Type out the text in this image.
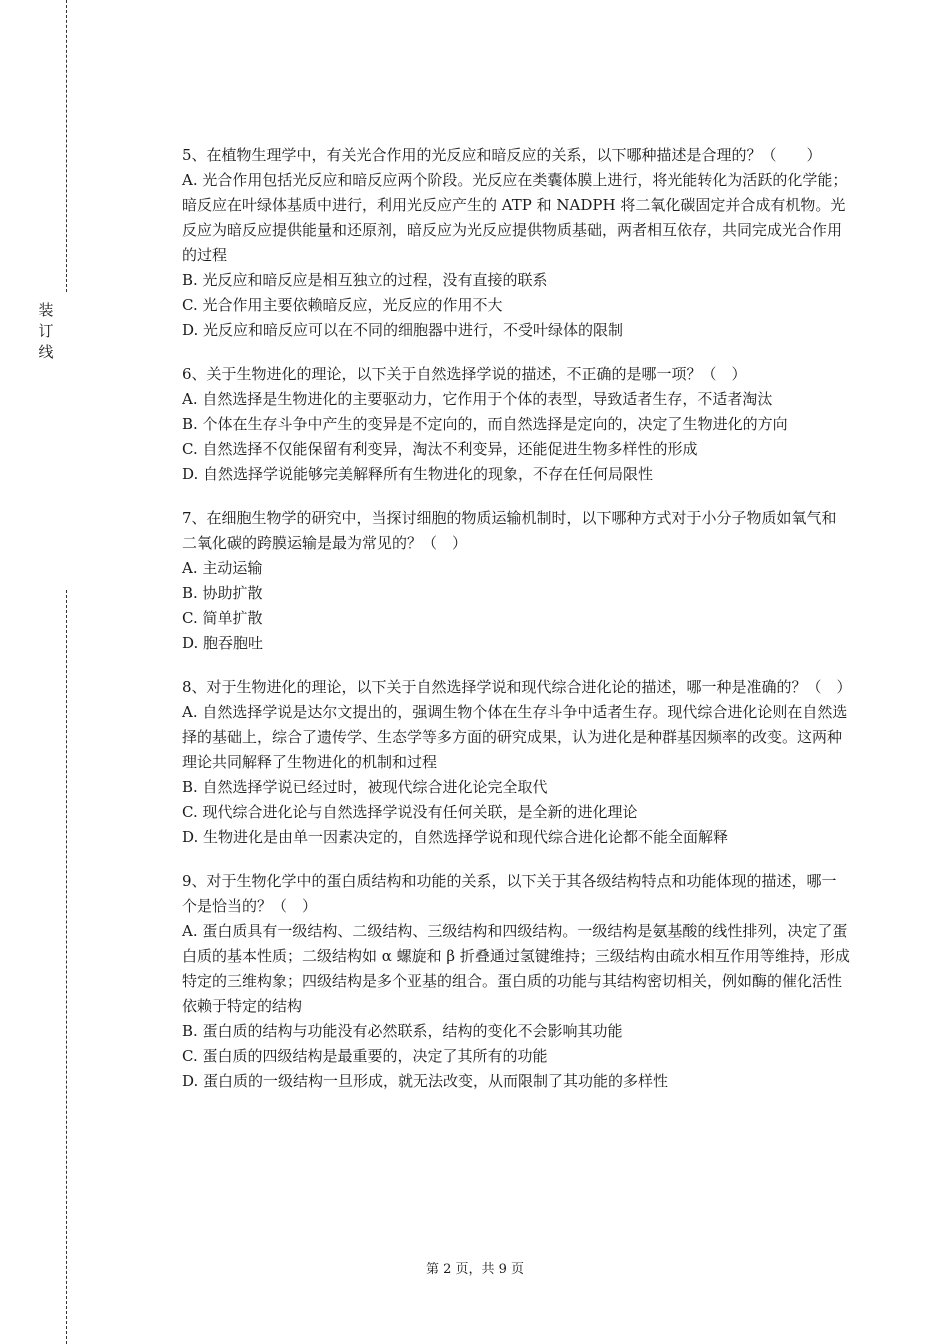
装
订
线

5、在植物生理学中，有关光合作用的光反应和暗反应的关系，以下哪种描述是合理的？（　　）

A. 光合作用包括光反应和暗反应两个阶段。光反应在类囊体膜上进行，将光能转化为活跃的化学能；暗反应在叶绿体基质中进行，利用光反应产生的 ATP 和 NADPH 将二氧化碳固定并合成有机物。光反应为暗反应提供能量和还原剂，暗反应为光反应提供物质基础，两者相互依存，共同完成光合作用的过程

B. 光反应和暗反应是相互独立的过程，没有直接的联系

C. 光合作用主要依赖暗反应，光反应的作用不大

D. 光反应和暗反应可以在不同的细胞器中进行，不受叶绿体的限制

6、关于生物进化的理论，以下关于自然选择学说的描述，不正确的是哪一项？（　）

A. 自然选择是生物进化的主要驱动力，它作用于个体的表型，导致适者生存，不适者淘汰

B. 个体在生存斗争中产生的变异是不定向的，而自然选择是定向的，决定了生物进化的方向

C. 自然选择不仅能保留有利变异，淘汰不利变异，还能促进生物多样性的形成

D. 自然选择学说能够完美解释所有生物进化的现象，不存在任何局限性

7、在细胞生物学的研究中，当探讨细胞的物质运输机制时，以下哪种方式对于小分子物质如氧气和二氧化碳的跨膜运输是最为常见的？（　）

A. 主动运输

B. 协助扩散

C. 简单扩散

D. 胞吞胞吐

8、对于生物进化的理论，以下关于自然选择学说和现代综合进化论的描述，哪一种是准确的？（　）

A. 自然选择学说是达尔文提出的，强调生物个体在生存斗争中适者生存。现代综合进化论则在自然选择的基础上，综合了遗传学、生态学等多方面的研究成果，认为进化是种群基因频率的改变。这两种理论共同解释了生物进化的机制和过程

B. 自然选择学说已经过时，被现代综合进化论完全取代

C. 现代综合进化论与自然选择学说没有任何关联，是全新的进化理论

D. 生物进化是由单一因素决定的，自然选择学说和现代综合进化论都不能全面解释

9、对于生物化学中的蛋白质结构和功能的关系，以下关于其各级结构特点和功能体现的描述，哪一个是恰当的？（　）

A. 蛋白质具有一级结构、二级结构、三级结构和四级结构。一级结构是氨基酸的线性排列，决定了蛋白质的基本性质；二级结构如 α 螺旋和 β 折叠通过氢键维持；三级结构由疏水相互作用等维持，形成特定的三维构象；四级结构是多个亚基的组合。蛋白质的功能与其结构密切相关，例如酶的催化活性依赖于特定的结构

B. 蛋白质的结构与功能没有必然联系，结构的变化不会影响其功能

C. 蛋白质的四级结构是最重要的，决定了其所有的功能

D. 蛋白质的一级结构一旦形成，就无法改变，从而限制了其功能的多样性

第 2 页，共 9 页
